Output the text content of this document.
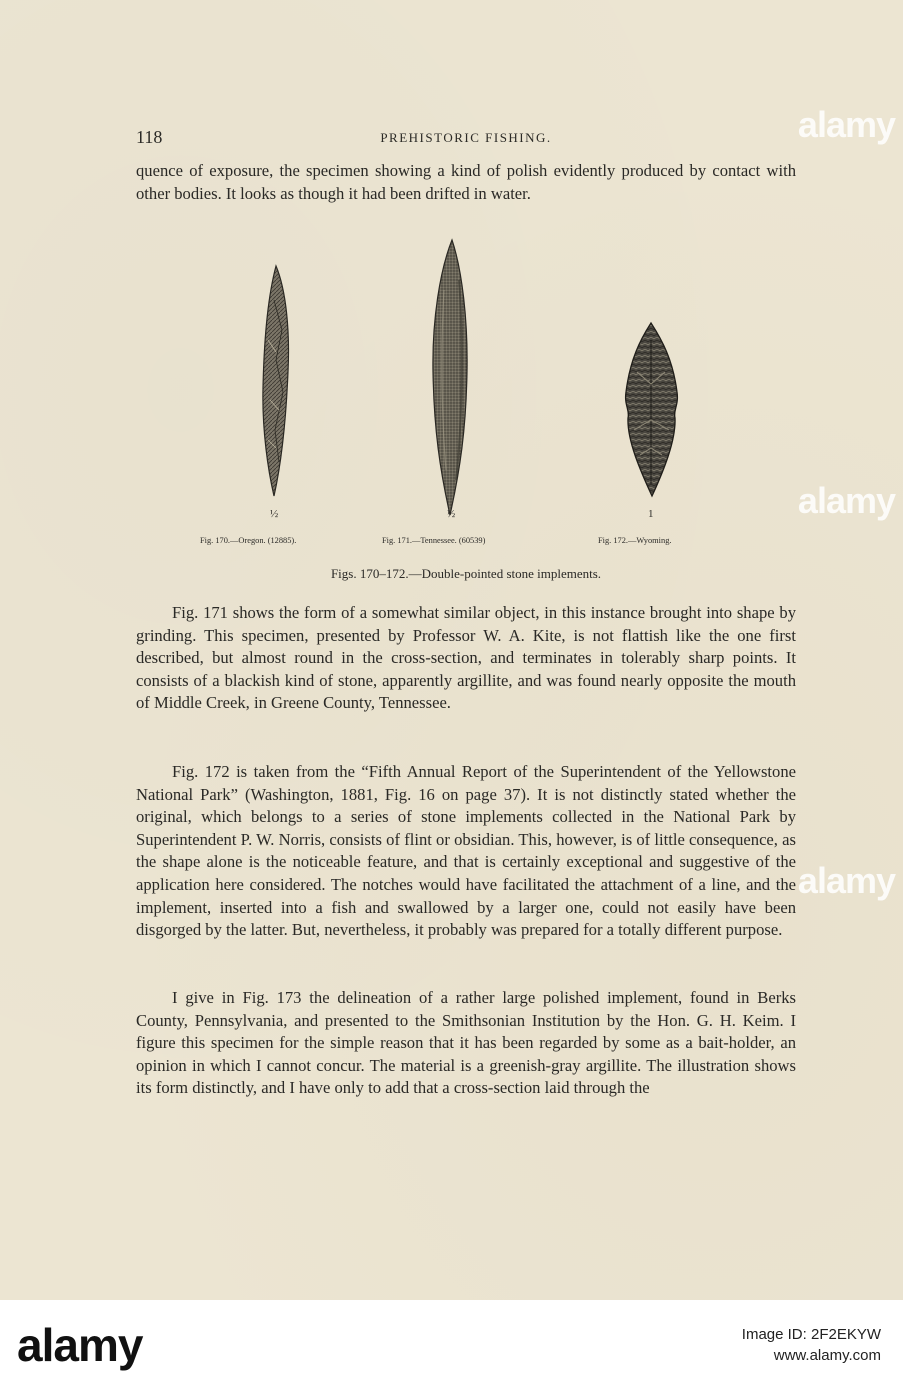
alamy
alamy
alamy
118	PREHISTORIC FISHING.

quence of exposure, the specimen showing a kind of polish evidently produced by contact with other bodies. It looks as though it had been drifted in water.

½	½	1
Fig. 170.—Oregon. (12885).	Fig. 171.—Tennessee. (60539)	Fig. 172.—Wyoming.
Figs. 170–172.—Double-pointed stone implements.

Fig. 171 shows the form of a somewhat similar object, in this instance brought into shape by grinding. This specimen, presented by Professor W. A. Kite, is not flattish like the one first described, but almost round in the cross-section, and terminates in tolerably sharp points. It consists of a blackish kind of stone, apparently argillite, and was found nearly opposite the mouth of Middle Creek, in Greene County, Tennessee.

Fig. 172 is taken from the “Fifth Annual Report of the Superintendent of the Yellowstone National Park” (Washington, 1881, Fig. 16 on page 37). It is not distinctly stated whether the original, which belongs to a series of stone implements collected in the National Park by Superintendent P. W. Norris, consists of flint or obsidian. This, however, is of little consequence, as the shape alone is the noticeable feature, and that is certainly exceptional and suggestive of the application here considered. The notches would have facilitated the attachment of a line, and the implement, inserted into a fish and swallowed by a larger one, could not easily have been disgorged by the latter. But, nevertheless, it probably was prepared for a totally different purpose.

I give in Fig. 173 the delineation of a rather large polished implement, found in Berks County, Pennsylvania, and presented to the Smithsonian Institution by the Hon. G. H. Keim. I figure this specimen for the simple reason that it has been regarded by some as a bait-holder, an opinion in which I cannot concur. The material is a greenish-gray argillite. The illustration shows its form distinctly, and I have only to add that a cross-section laid through the

alamy	Image ID: 2F2EKYW
www.alamy.com
